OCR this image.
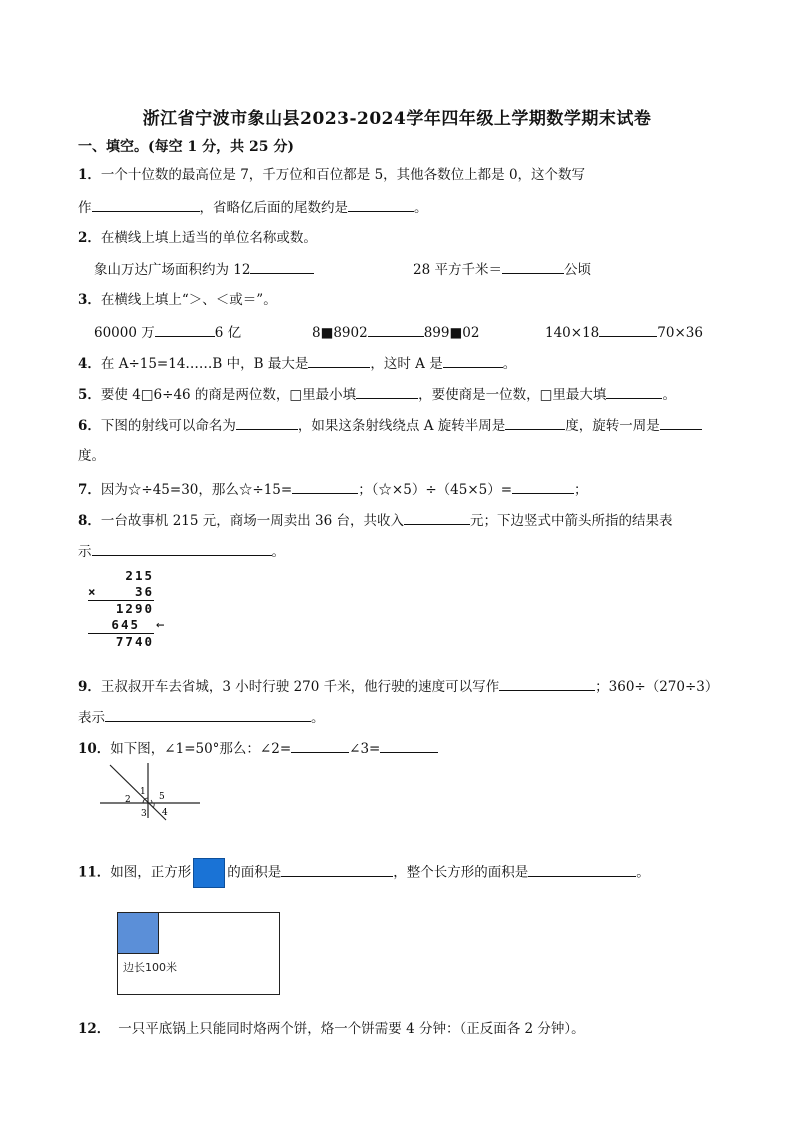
浙江省宁波市象山县2023-2024学年四年级上学期数学期末试卷
一、填空。(每空 1 分，共 25 分)
1．一个十位数的最高位是 7，千万位和百位都是 5，其他各数位上都是 0，这个数写
作	，省略亿后面的尾数约是	。
2．在横线上填上适当的单位名称或数。
象山万达广场面积约为 12	28 平方千米＝	公顷
3．在横线上填上“＞、＜或＝”。
60000 万	6 亿	8■8902	899■02	140×18	70×36
4．在 A÷15=14……B 中，B 最大是	，这时 A 是	。
5．要使 4□6÷46 的商是两位数，□里最小填	，要使商是一位数，□里最大填	。
6．下图的射线可以命名为	，如果这条射线绕点 A 旋转半周是	度，旋转一周是
度。
7．因为☆÷45=30，那么☆÷15=	；（☆×5）÷（45×5）=	；
8．一台故事机 215 元，商场一周卖出 36 台，共收入	元；下边竖式中箭头所指的结果表
示	。
215
×	36
1290
645 ←
7740
9．王叔叔开车去省城，3 小时行驶 270 千米，他行驶的速度可以写作	；360÷（270÷3）
表示	。
10．如下图，∠1=50°那么：∠2=	∠3=
1
2
3 4
5
11．如图，正方形	的面积是	，整个长方形的面积是	。
边长100米
12． 一只平底锅上只能同时烙两个饼，烙一个饼需要 4 分钟：（正反面各 2 分钟）。
